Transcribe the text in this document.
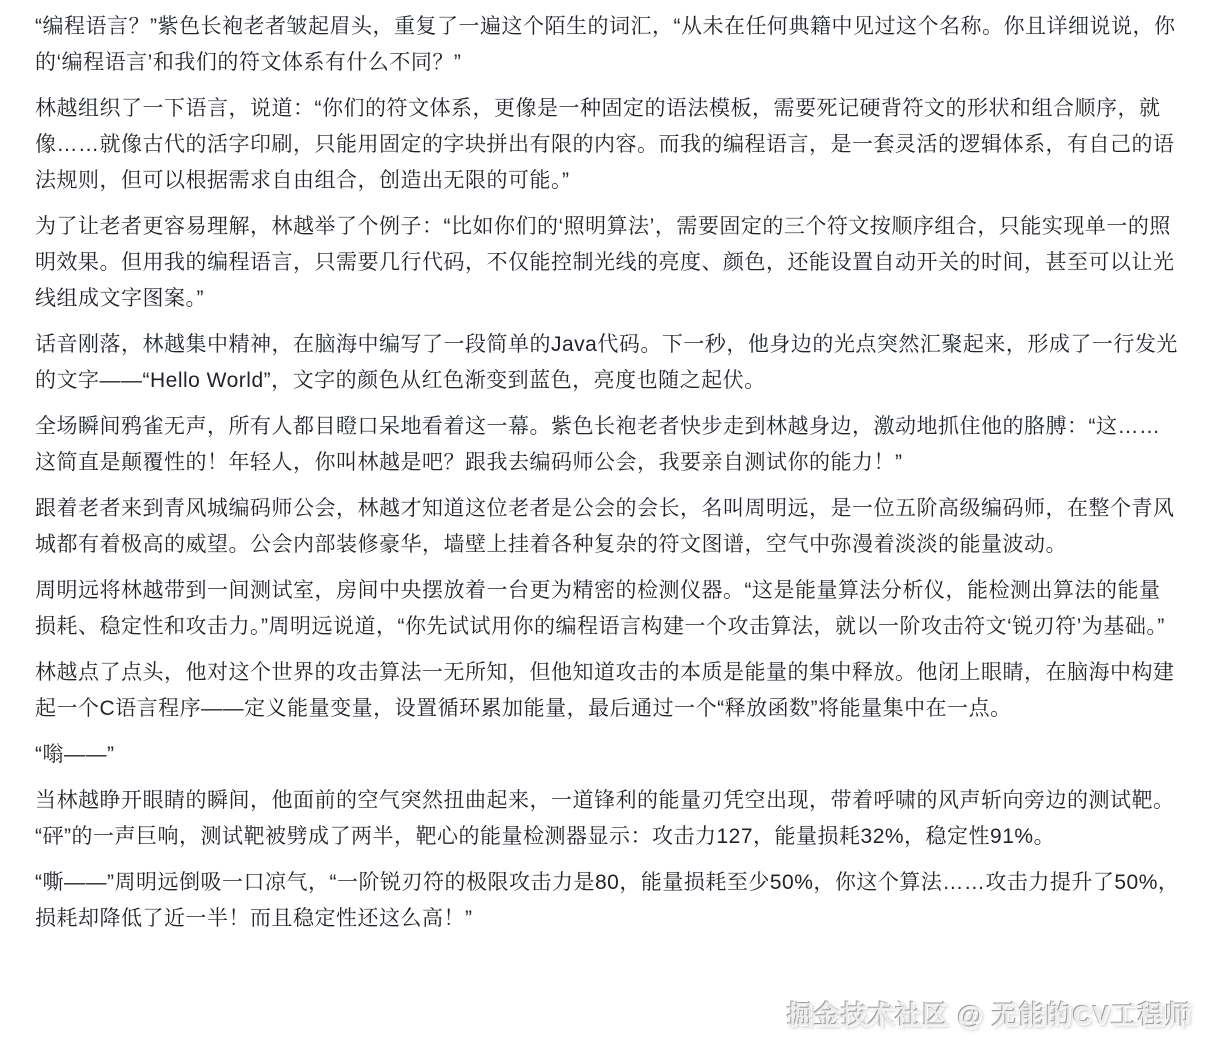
“编程语言？”紫色长袍老者皱起眉头，重复了一遍这个陌生的词汇，“从未在任何典籍中见过这个名称。你且详细说说，你的‘编程语言’和我们的符文体系有什么不同？”

林越组织了一下语言，说道：“你们的符文体系，更像是一种固定的语法模板，需要死记硬背符文的形状和组合顺序，就像……就像古代的活字印刷，只能用固定的字块拼出有限的内容。而我的编程语言，是一套灵活的逻辑体系，有自己的语法规则，但可以根据需求自由组合，创造出无限的可能。”

为了让老者更容易理解，林越举了个例子：“比如你们的‘照明算法’，需要固定的三个符文按顺序组合，只能实现单一的照明效果。但用我的编程语言，只需要几行代码，不仅能控制光线的亮度、颜色，还能设置自动开关的时间，甚至可以让光线组成文字图案。”

话音刚落，林越集中精神，在脑海中编写了一段简单的Java代码。下一秒，他身边的光点突然汇聚起来，形成了一行发光的文字——“Hello World”，文字的颜色从红色渐变到蓝色，亮度也随之起伏。

全场瞬间鸦雀无声，所有人都目瞪口呆地看着这一幕。紫色长袍老者快步走到林越身边，激动地抓住他的胳膊：“这……这简直是颠覆性的！年轻人，你叫林越是吧？跟我去编码师公会，我要亲自测试你的能力！”

跟着老者来到青风城编码师公会，林越才知道这位老者是公会的会长，名叫周明远，是一位五阶高级编码师，在整个青风城都有着极高的威望。公会内部装修豪华，墙壁上挂着各种复杂的符文图谱，空气中弥漫着淡淡的能量波动。

周明远将林越带到一间测试室，房间中央摆放着一台更为精密的检测仪器。“这是能量算法分析仪，能检测出算法的能量损耗、稳定性和攻击力。”周明远说道，“你先试试用你的编程语言构建一个攻击算法，就以一阶攻击符文‘锐刃符’为基础。”

林越点了点头，他对这个世界的攻击算法一无所知，但他知道攻击的本质是能量的集中释放。他闭上眼睛，在脑海中构建起一个C语言程序——定义能量变量，设置循环累加能量，最后通过一个“释放函数”将能量集中在一点。

“嗡——”

当林越睁开眼睛的瞬间，他面前的空气突然扭曲起来，一道锋利的能量刃凭空出现，带着呼啸的风声斩向旁边的测试靶。“砰”的一声巨响，测试靶被劈成了两半，靶心的能量检测器显示：攻击力127，能量损耗32%，稳定性91%。

“嘶——”周明远倒吸一口凉气，“一阶锐刃符的极限攻击力是80，能量损耗至少50%，你这个算法……攻击力提升了50%，损耗却降低了近一半！而且稳定性还这么高！”

掘金技术社区 @ 无能的CV工程师
